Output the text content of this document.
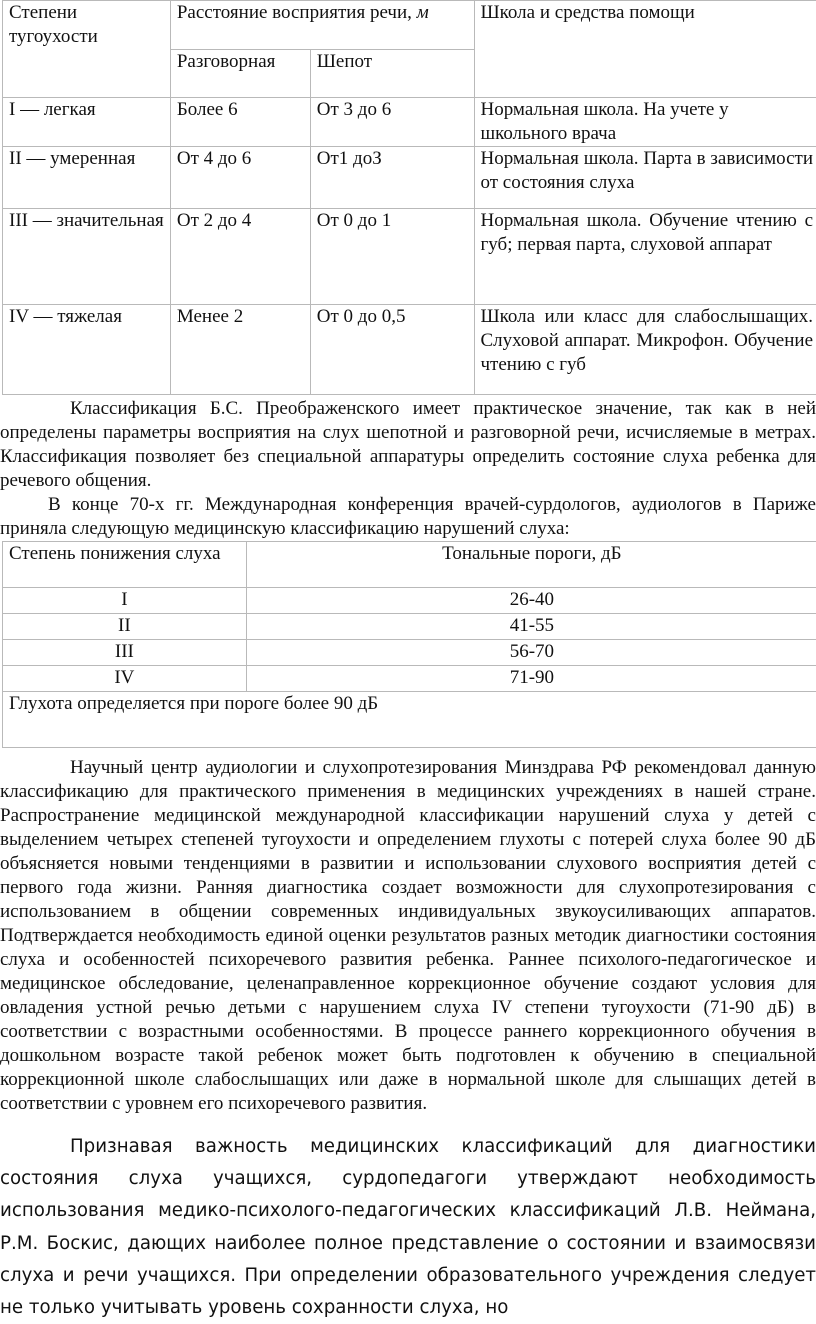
Степени тугоухости	Расстояние восприятия речи, м		Школа и средства помощи
	Разговорная	Шепот	
I — легкая	Более 6	От 3 до 6	Нормальная школа. На учете у школьного врача
II — умеренная	От 4 до 6	От1 доЗ	Нормальная школа. Парта в зависимости от состояния слуха
III — значительная	От 2 до 4	От 0 до 1	Нормальная школа. Обучение чтению с губ; первая парта, слуховой аппарат
IV — тяжелая	Менее 2	От 0 до 0,5	Школа или класс для слабослышащих. Слуховой аппарат. Микрофон. Обучение чтению с губ

Классификация Б.С. Преображенского имеет практическое значение, так как в ней определены параметры восприятия на слух шепотной и разговорной речи, исчисляемые в метрах. Классификация позволяет без специальной аппаратуры определить состояние слуха ребенка для речевого общения.

В конце 70-х гг. Международная конференция врачей-сурдологов, аудиологов в Париже приняла следующую медицинскую классификацию нарушений слуха:

Степень понижения слуха	Тональные пороги, дБ
I	26-40
II	41-55
III	56-70
IV	71-90
Глухота определяется при пороге более 90 дБ	

Научный центр аудиологии и слухопротезирования Минздрава РФ рекомендовал данную классификацию для практического применения в медицинских учреждениях в нашей стране. Распространение медицинской международной классификации нарушений слуха у детей с выделением четырех степеней тугоухости и определением глухоты с потерей слуха более 90 дБ объясняется новыми тенденциями в развитии и использовании слухового восприятия детей с первого года жизни. Ранняя диагностика создает возможности для слухопротезирования с использованием в общении современных индивидуальных звукоусиливающих аппаратов. Подтверждается необходимость единой оценки результатов разных методик диагностики состояния слуха и особенностей психоречевого развития ребенка. Раннее психолого-педагогическое и медицинское обследование, целенаправленное коррекционное обучение создают условия для овладения устной речью детьми с нарушением слуха IV степени тугоухости (71-90 дБ) в соответствии с возрастными особенностями. В процессе раннего коррекционного обучения в дошкольном возрасте такой ребенок может быть подготовлен к обучению в специальной коррекционной школе слабослышащих или даже в нормальной школе для слышащих детей в соответствии с уровнем его психоречевого развития.

Признавая важность медицинских классификаций для диагностики состояния слуха учащихся, сурдопедагоги утверждают необходимость использования медико-психолого-педагогических классификаций Л.В. Неймана, Р.М. Боскис, дающих наиболее полное представление о состоянии и взаимосвязи слуха и речи учащихся. При определении образовательного учреждения следует не только учитывать уровень сохранности слуха, но
